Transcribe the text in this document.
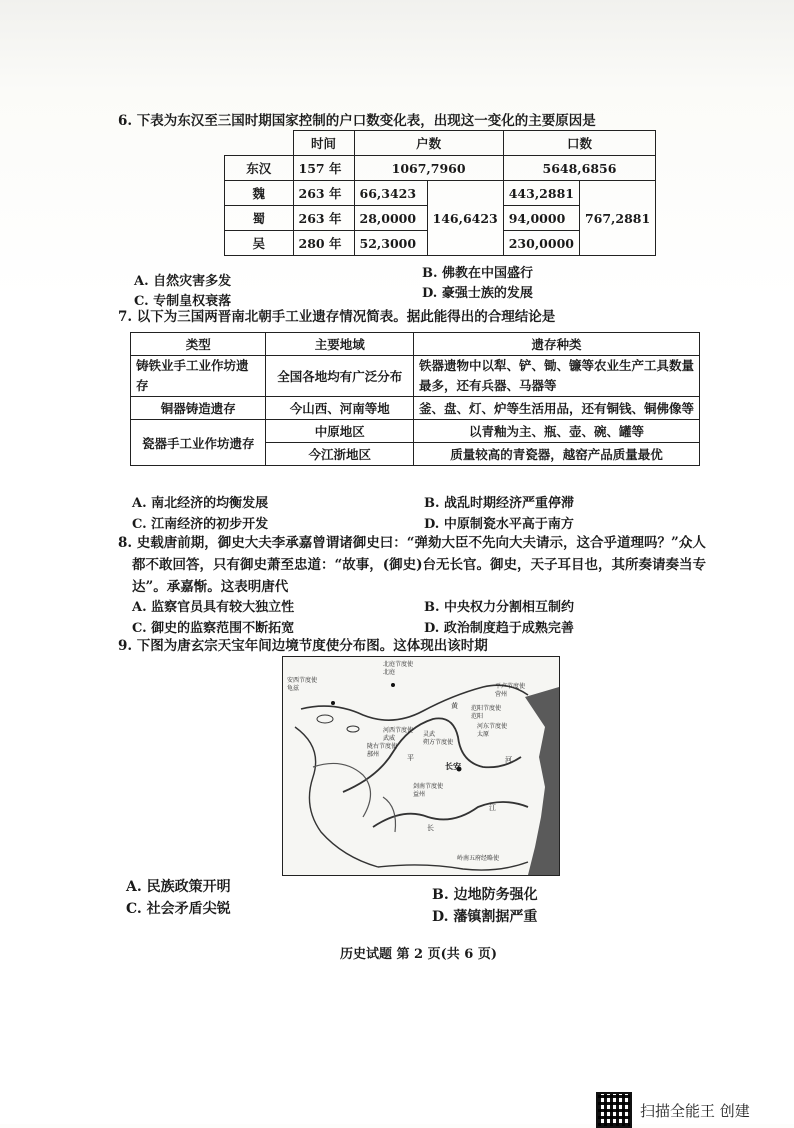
6. 下表为东汉至三国时期国家控制的户口数变化表，出现这一变化的主要原因是
	时间	户数		口数	
东汉	157 年	1067,7960		5648,6856	
魏	263 年	66,3423	146,6423	443,2881	767,2881
蜀	263 年	28,0000		94,0000	
吴	280 年	52,3000		230,0000	
A. 自然灾害多发
B. 佛教在中国盛行
C. 专制皇权衰落
D. 豪强士族的发展
7. 以下为三国两晋南北朝手工业遗存情况简表。据此能得出的合理结论是
类型	主要地域	遗存种类
铸铁业手工业作坊遗存	全国各地均有广泛分布	铁器遗物中以犁、铲、锄、镰等农业生产工具数量最多，还有兵器、马器等
铜器铸造遗存	今山西、河南等地	釜、盘、灯、炉等生活用品，还有铜钱、铜佛像等
瓷器手工业作坊遗存	中原地区	以青釉为主、瓶、壶、碗、罐等
	今江浙地区	质量较高的青瓷器，越窑产品质量最优
A. 南北经济的均衡发展	B. 战乱时期经济严重停滞
C. 江南经济的初步开发	D. 中原制瓷水平高于南方
8. 史载唐前期，御史大夫李承嘉曾谓诸御史曰：“弹劾大臣不先向大夫请示，这合乎道理吗？”众人
都不敢回答，只有御史萧至忠道：“故事，(御史)台无长官。御史，天子耳目也，其所奏请奏当专
达”。承嘉惭。这表明唐代
A. 监察官员具有较大独立性	B. 中央权力分割相互制约
C. 御史的监察范围不断拓宽	D. 政治制度趋于成熟完善
9. 下图为唐玄宗天宝年间边境节度使分布图。这体现出该时期
北庭节度使
北庭
安西节度使
龟兹	平卢节度使
营州
范阳节度使
范阳
河西节度使
武威
灵武
朔方节度使
河东节度使
太原
陇右节度使
鄯州
长安
剑南节度使
益州
岭南五府经略使
黄
河
长
江
平
A. 民族政策开明	B. 边地防务强化
C. 社会矛盾尖锐	D. 藩镇割据严重
历史试题 第 2 页(共 6 页)
扫描全能王 创建
